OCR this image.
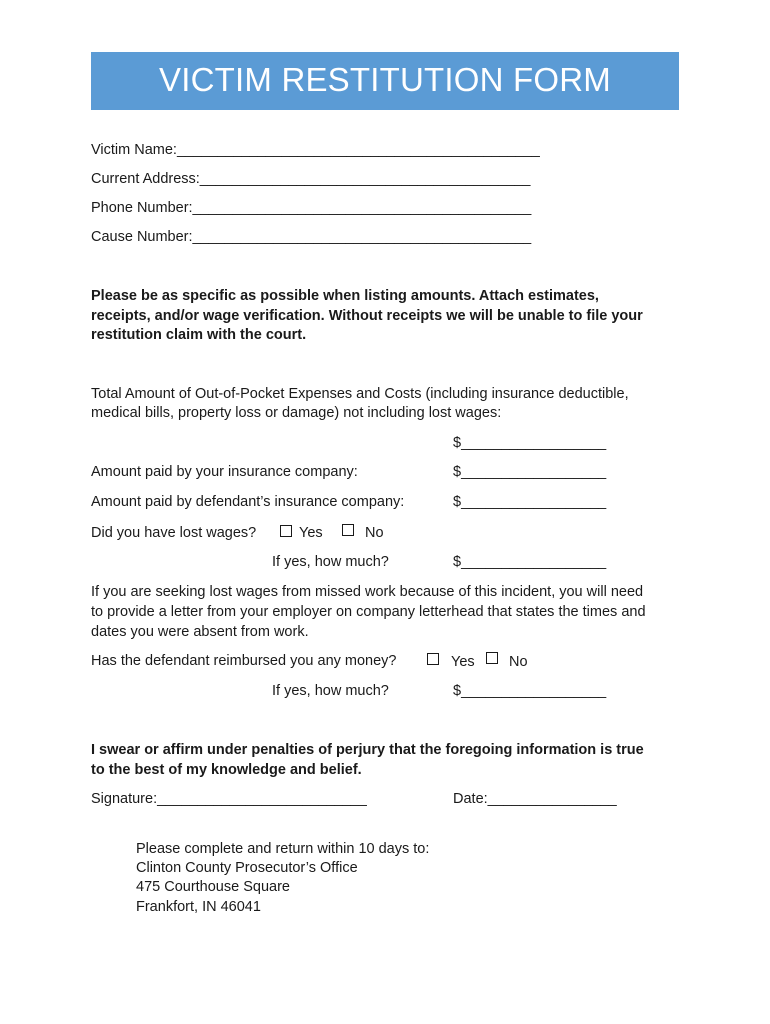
VICTIM RESTITUTION FORM
Victim Name:_____________________________________________
Current Address:_________________________________________
Phone Number:__________________________________________
Cause Number:__________________________________________
Please be as specific as possible when listing amounts. Attach estimates,
receipts, and/or wage verification. Without receipts we will be unable to file your
restitution claim with the court.
Total Amount of Out-of-Pocket Expenses and Costs (including insurance deductible,
medical bills, property loss or damage) not including lost wages:
$__________________
Amount paid by your insurance company:	$__________________
Amount paid by defendant’s insurance company:	$__________________
Did you have lost wages?	Yes	No
If yes, how much?	$__________________
If you are seeking lost wages from missed work because of this incident, you will need
to provide a letter from your employer on company letterhead that states the times and
dates you were absent from work.
Has the defendant reimbursed you any money?	Yes No
If yes, how much?	$__________________
I swear or affirm under penalties of perjury that the foregoing information is true
to the best of my knowledge and belief.
Signature:__________________________	Date:________________
Please complete and return within 10 days to:
Clinton County Prosecutor’s Office
475 Courthouse Square
Frankfort, IN 46041
